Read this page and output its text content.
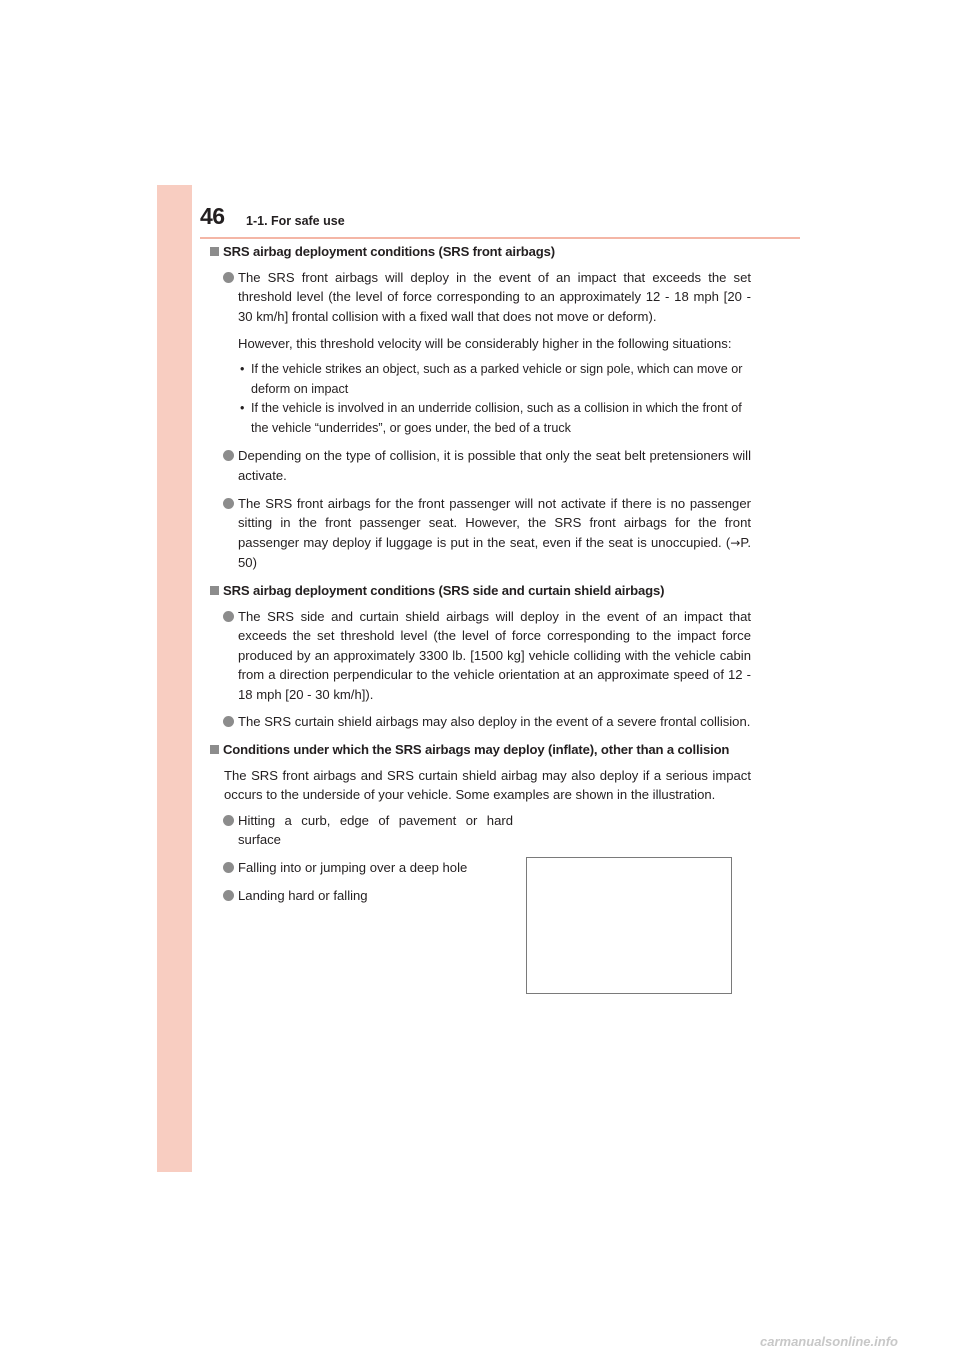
46 1-1. For safe use
SRS airbag deployment conditions (SRS front airbags)
The SRS front airbags will deploy in the event of an impact that exceeds the set threshold level (the level of force corresponding to an approximately 12 - 18 mph [20 - 30 km/h] frontal collision with a fixed wall that does not move or deform).
However, this threshold velocity will be considerably higher in the following situations:
• If the vehicle strikes an object, such as a parked vehicle or sign pole, which can move or deform on impact
• If the vehicle is involved in an underride collision, such as a collision in which the front of the vehicle “underrides”, or goes under, the bed of a truck
Depending on the type of collision, it is possible that only the seat belt pretensioners will activate.
The SRS front airbags for the front passenger will not activate if there is no passenger sitting in the front passenger seat. However, the SRS front airbags for the front passenger may deploy if luggage is put in the seat, even if the seat is unoccupied. (→P. 50)
SRS airbag deployment conditions (SRS side and curtain shield airbags)
The SRS side and curtain shield airbags will deploy in the event of an impact that exceeds the set threshold level (the level of force corresponding to the impact force produced by an approximately 3300 lb. [1500 kg] vehicle colliding with the vehicle cabin from a direction perpendicular to the vehicle orientation at an approximate speed of 12 - 18 mph [20 - 30 km/h]).
The SRS curtain shield airbags may also deploy in the event of a severe frontal collision.
Conditions under which the SRS airbags may deploy (inflate), other than a collision
The SRS front airbags and SRS curtain shield airbag may also deploy if a serious impact occurs to the underside of your vehicle. Some examples are shown in the illustration.
Hitting a curb, edge of pavement or hard surface
Falling into or jumping over a deep hole
Landing hard or falling
carmanualsonline.info
